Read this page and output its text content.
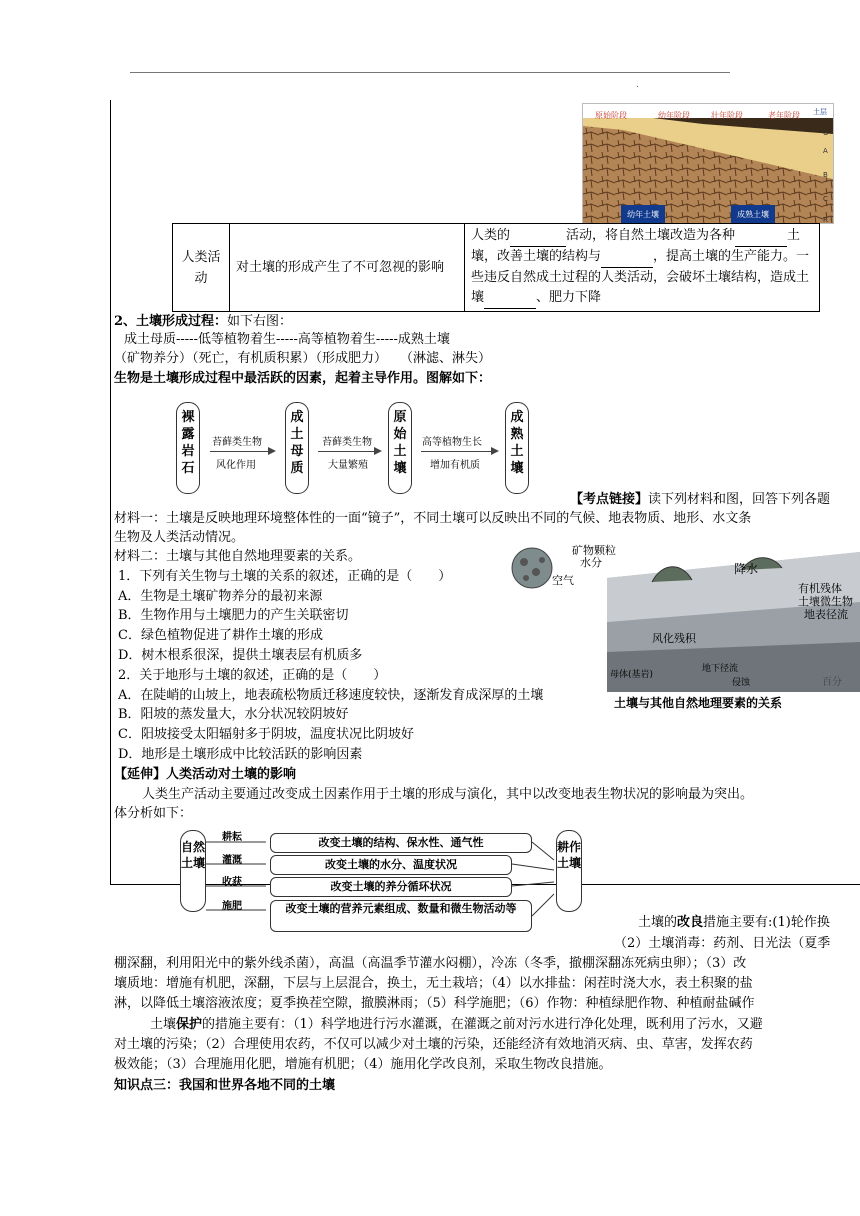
.
原始阶段	幼年阶段	壮年阶段	老年阶段 土层
O
A
B
C
R
幼年土壤	成熟土壤
人类活动	对土壤的形成产生了不可忽视的影响	人类的	活动，将自然土壤改造为各种	土壤，改善土壤的结构与	，提高土壤的生产能力。一些违反自然成土过程的人类活动，会破坏土壤结构，造成土壤	、肥力下降
2、土壤形成过程：如下右图：
成土母质-----低等植物着生-----高等植物着生-----成熟土壤
（矿物养分）（死亡，有机质积累）（形成肥力）　　（淋滤、淋失）
生物是土壤形成过程中最活跃的因素，起着主导作用。图解如下：
裸露岩石
成土母质
原始土壤
成熟土壤
苔藓类生物
风化作用
苔藓类生物
大量繁殖
高等植物生长
增加有机质
【考点链接】读下列材料和图，回答下列各题
材料一：土壤是反映地理环境整体性的一面“镜子”，不同土壤可以反映出不同的气候、地表物质、地形、水文条
生物及人类活动情况。
材料二：土壤与其他自然地理要素的关系。
1．下列有关生物与土壤的关系的叙述，正确的是（　　）
A．生物是土壤矿物养分的最初来源
B．生物作用与土壤肥力的产生关联密切
C．绿色植物促进了耕作土壤的形成
D．树木根系很深，提供土壤表层有机质多
2．关于地形与土壤的叙述，正确的是（　　）
A．在陡峭的山坡上，地表疏松物质迁移速度较快，逐渐发育成深厚的土壤
B．阳坡的蒸发量大，水分状况较阴坡好
C．阳坡接受太阳辐射多于阴坡，温度状况比阴坡好
D．地形是土壤形成中比较活跃的影响因素
矿物颗粒
水分
空气
降水
有机残体
土壤微生物
地表径流
风化残积
母体(基岩)
地下径流
侵蚀	百分
土壤与其他自然地理要素的关系
【延伸】人类活动对土壤的影响
人类生产活动主要通过改变成土因素作用于土壤的形成与演化，其中以改变地表生物状况的影响最为突出。
体分析如下：
自然土壤
耕作土壤
耕耘	改变土壤的结构、保水性、通气性
灌溉	改变土壤的水分、温度状况
收获	改变土壤的养分循环状况
施肥	改变土壤的营养元素组成、数量和微生物活动等
土壤的改良措施主要有:(1)轮作换
（2）土壤消毒：药剂、日光法（夏季
棚深翻，利用阳光中的紫外线杀菌），高温（高温季节灌水闷棚），冷冻（冬季，撤棚深翻冻死病虫卵）；（3）改
壤质地：增施有机肥，深翻，下层与上层混合，换土，无土栽培；（4）以水排盐：闲茬时浇大水，表土积聚的盐
淋，以降低土壤溶液浓度；夏季换茬空隙，撤膜淋雨；（5）科学施肥；（6）作物：种植绿肥作物、种植耐盐碱作
土壤保护的措施主要有：（1）科学地进行污水灌溉，在灌溉之前对污水进行净化处理，既利用了污水，又避
对土壤的污染；（2）合理使用农药，不仅可以减少对土壤的污染，还能经济有效地消灭病、虫、草害，发挥农药
极效能；（3）合理施用化肥，增施有机肥；（4）施用化学改良剂，采取生物改良措施。
知识点三：我国和世界各地不同的土壤
